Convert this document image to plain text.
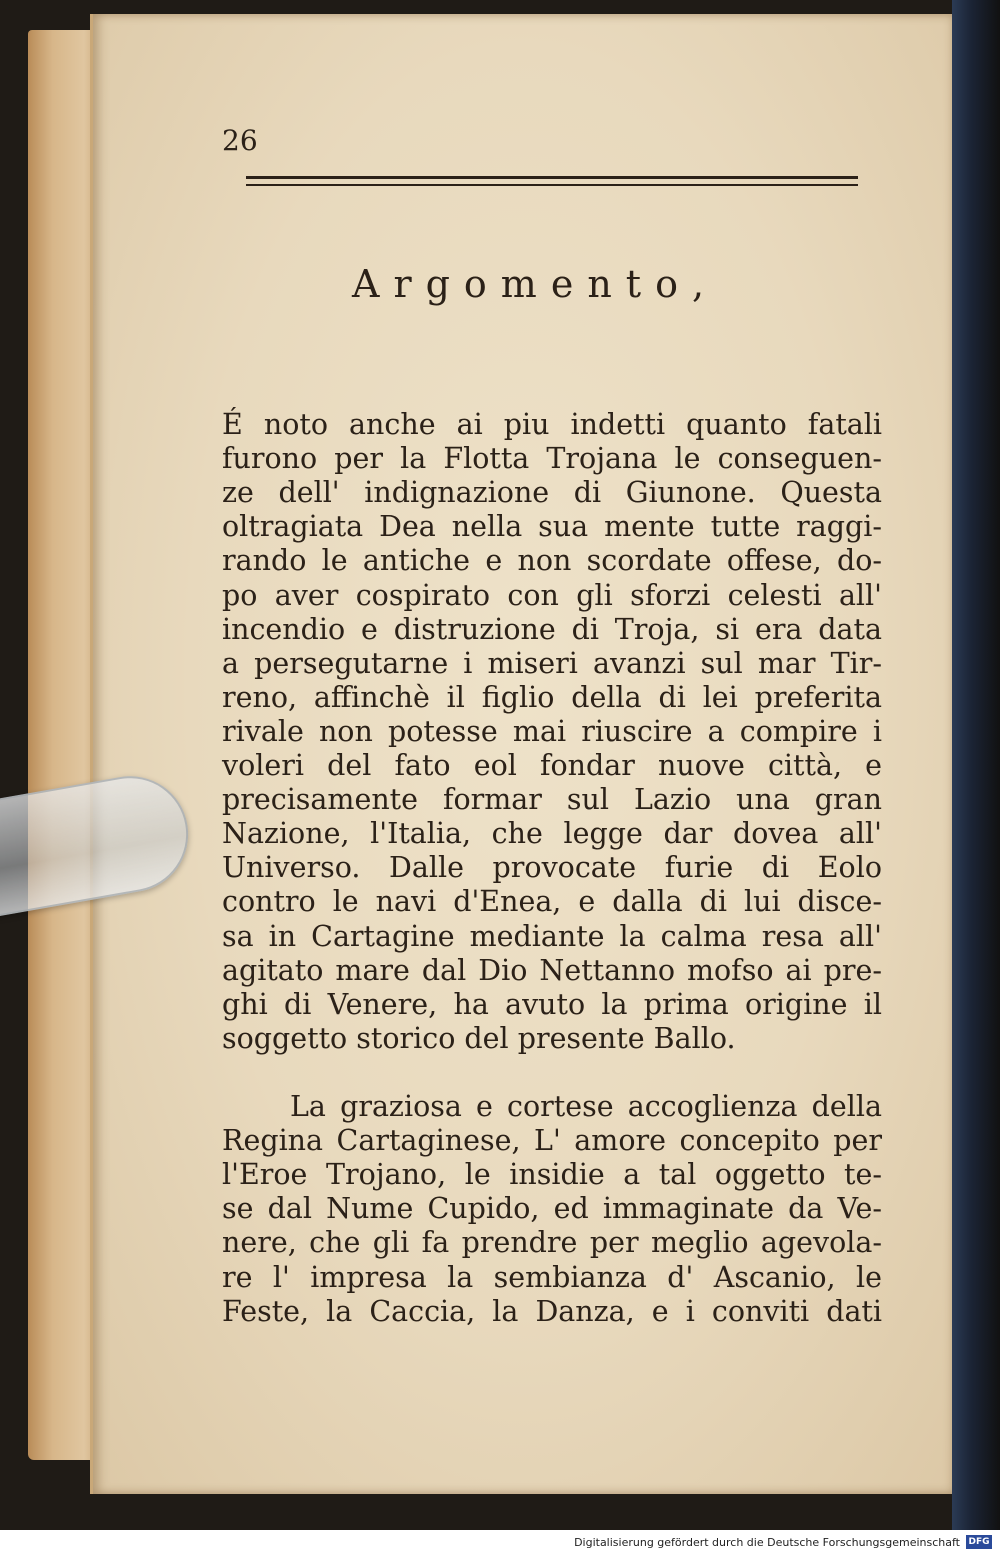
26
Argomento,
É noto anche ai piu indetti quanto fatali
furono per la Flotta Trojana le conseguen-
ze dell' indignazione di Giunone. Questa
oltragiata Dea nella sua mente tutte raggi-
rando le antiche e non scordate offese, do-
po aver cospirato con gli sforzi celesti all'
incendio e distruzione di Troja, si era data
a persegutarne i miseri avanzi sul mar Tir-
reno, affinchè il figlio della di lei preferita
rivale non potesse mai riuscire a compire i
voleri del fato eol fondar nuove città, e
precisamente formar sul Lazio una gran
Nazione, l'Italia, che legge dar dovea all'
Universo. Dalle provocate furie di Eolo
contro le navi d'Enea, e dalla di lui disce-
sa in Cartagine mediante la calma resa all'
agitato mare dal Dio Nettanno mofso ai pre-
ghi di Venere, ha avuto la prima origine il
soggetto storico del presente Ballo.
La graziosa e cortese accoglienza della
Regina Cartaginese, L' amore concepito per
l'Eroe Trojano, le insidie a tal oggetto te-
se dal Nume Cupido, ed immaginate da Ve-
nere, che gli fa prendre per meglio agevola-
re l' impresa la sembianza d' Ascanio, le
Feste, la Caccia, la Danza, e i conviti dati
Digitalisierung gefördert durch die Deutsche Forschungsgemeinschaft DFG
